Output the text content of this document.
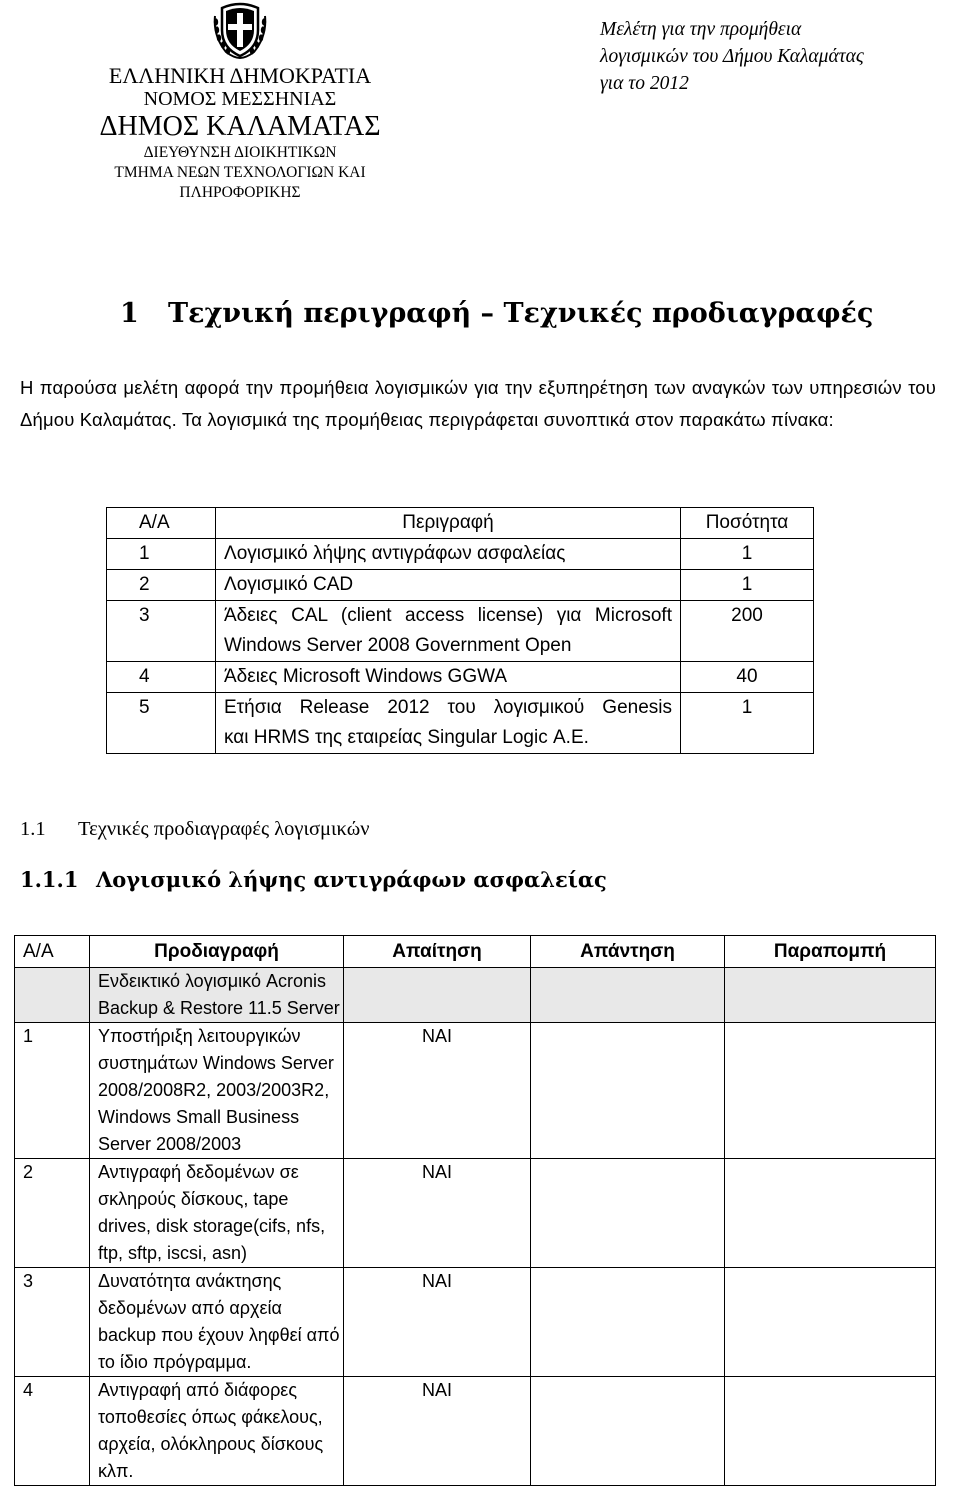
ΕΛΛΗΝΙΚΗ ΔΗΜΟΚΡΑΤΙΑ
ΝΟΜΟΣ ΜΕΣΣΗΝΙΑΣ
ΔΗΜΟΣ ΚΑΛΑΜΑΤΑΣ
ΔΙΕΥΘΥΝΣΗ ΔΙΟΙΚΗΤΙΚΩΝ
ΤΜΗΜΑ ΝΕΩΝ ΤΕΧΝΟΛΟΓΙΩΝ ΚΑΙ
ΠΛΗΡΟΦΟΡΙΚΗΣ
Μελέτη για την προμήθεια
λογισμικών του Δήμου Καλαμάτας
για το 2012
1 Τεχνική περιγραφή – Τεχνικές προδιαγραφές
Η παρούσα μελέτη αφορά την προμήθεια λογισμικών για την εξυπηρέτηση των αναγκών των υπηρεσιών του Δήμου Καλαμάτας. Τα λογισμικά της προμήθειας περιγράφεται συνοπτικά στον παρακάτω πίνακα:
Α/Α	Περιγραφή	Ποσότητα
1	Λογισμικό λήψης αντιγράφων ασφαλείας	1
2	Λογισμικό CAD	1
3	Άδειες CAL (client access license) για Microsoft
Windows Server 2008 Government Open	200
4	Άδειες Microsoft Windows GGWA	40
5	Ετήσια Release 2012 του λογισμικού Genesis
και HRMS της εταιρείας Singular Logic Α.Ε.	1
1.1 Τεχνικές προδιαγραφές λογισμικών
1.1.1 Λογισμικό λήψης αντιγράφων ασφαλείας
Α/Α	Προδιαγραφή	Απαίτηση	Απάντηση	Παραπομπή

	Ενδεικτικό λογισμικό Acronis
Backup & Restore 11.5 Server			

1	Υποστήριξη λειτουργικών
συστημάτων Windows Server
2008/2008R2, 2003/2003R2,
Windows Small Business
Server 2008/2003	ΝΑΙ		
2	Αντιγραφή δεδομένων σε
σκληρούς δίσκους, tape
drives, disk storage(cifs, nfs,
ftp, sftp, iscsi, asn)	ΝΑΙ		
3	Δυνατότητα ανάκτησης
δεδομένων από αρχεία
backup που έχουν ληφθεί από
το ίδιο πρόγραμμα.	ΝΑΙ		
4	Αντιγραφή από διάφορες
τοποθεσίες όπως φάκελους,
αρχεία, ολόκληρους δίσκους
κλπ.	ΝΑΙ		
